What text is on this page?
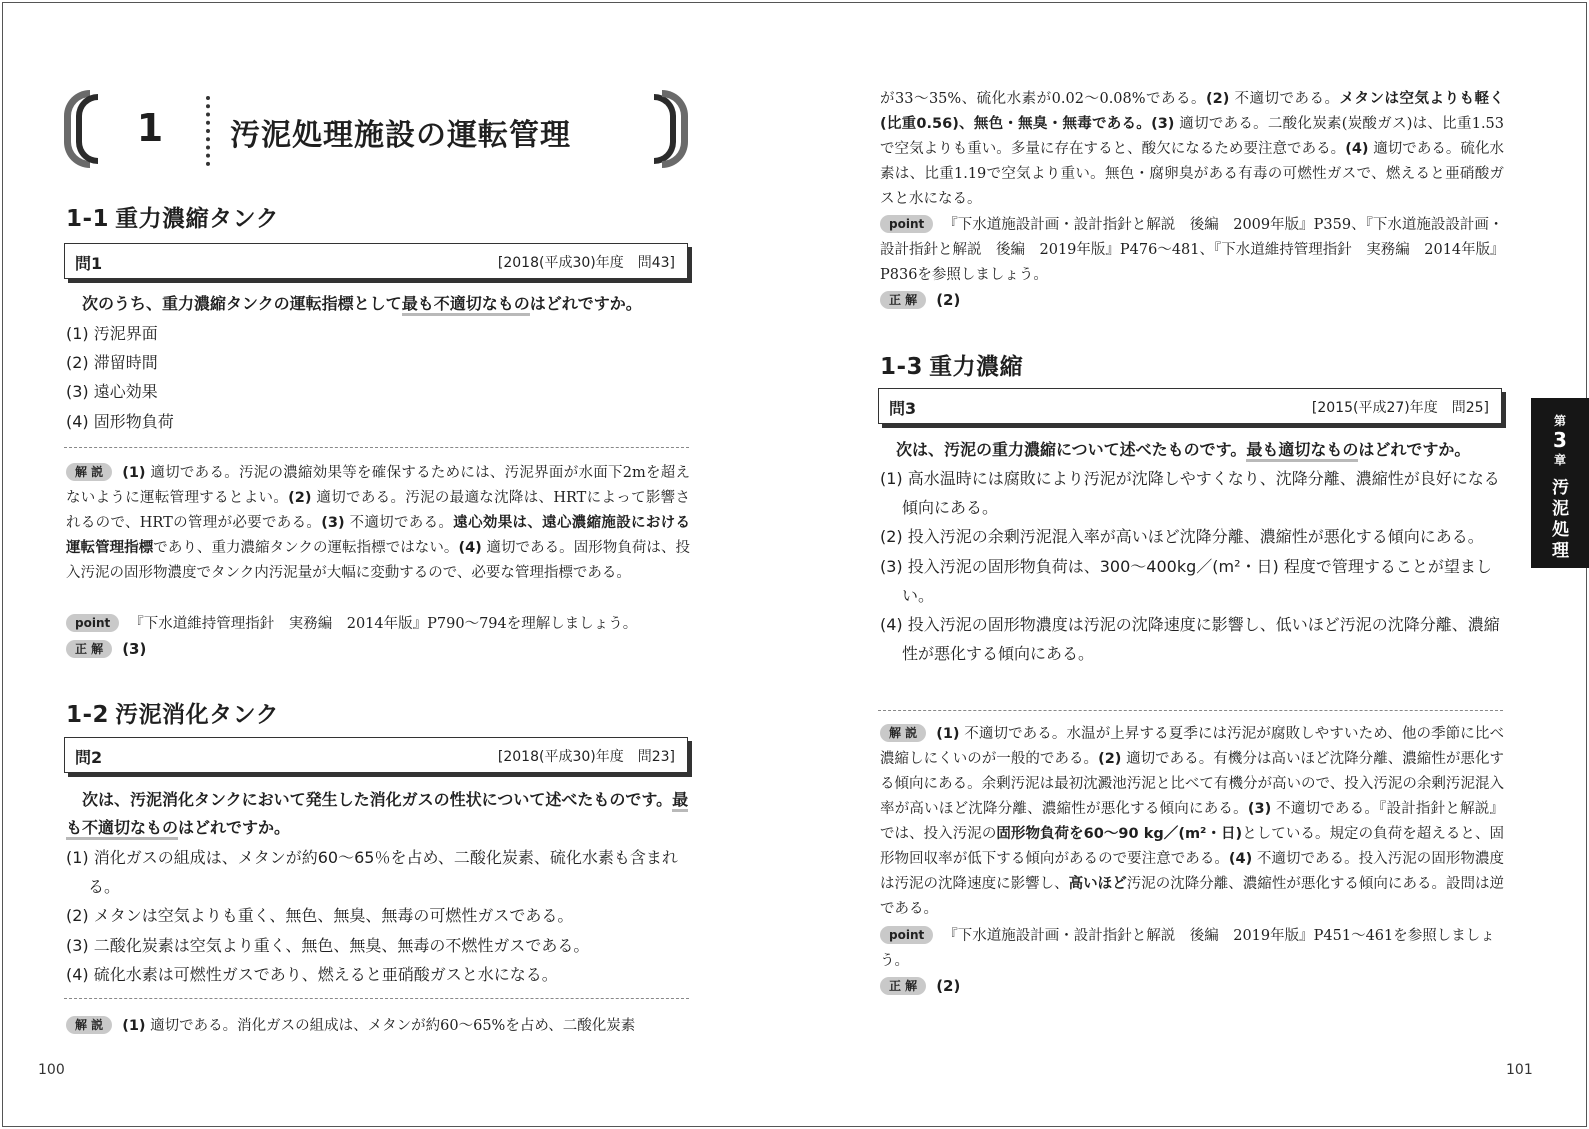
1 汚泥処理施設の運転管理
1-1 重力濃縮タンク
問1	[2018(平成30)年度　問43]
次のうち、重力濃縮タンクの運転指標として最も不適切なものはどれですか。
(1) 汚泥界面
(2) 滞留時間
(3) 遠心効果
(4) 固形物負荷
解 説 (1) 適切である。汚泥の濃縮効果等を確保するためには、汚泥界面が水面下2mを超えないように運転管理するとよい。(2) 適切である。汚泥の最適な沈降は、HRTによって影響されるので、HRTの管理が必要である。(3) 不適切である。遠心効果は、遠心濃縮施設における運転管理指標であり、重力濃縮タンクの運転指標ではない。(4) 適切である。固形物負荷は、投入汚泥の固形物濃度でタンク内汚泥量が大幅に変動するので、必要な管理指標である。
point 『下水道維持管理指針　実務編　2014年版』P790～794を理解しましょう。
正 解 (3)
1-2 汚泥消化タンク
問2	[2018(平成30)年度　問23]
次は、汚泥消化タンクにおいて発生した消化ガスの性状について述べたものです。最も不適切なものはどれですか。
(1) 消化ガスの組成は、メタンが約60～65％を占め、二酸化炭素、硫化水素も含まれる。
(2) メタンは空気よりも重く、無色、無臭、無毒の可燃性ガスである。
(3) 二酸化炭素は空気より重く、無色、無臭、無毒の不燃性ガスである。
(4) 硫化水素は可燃性ガスであり、燃えると亜硝酸ガスと水になる。
解 説 (1) 適切である。消化ガスの組成は、メタンが約60～65%を占め、二酸化炭素
100
が33～35%、硫化水素が0.02～0.08%である。(2) 不適切である。メタンは空気よりも軽く(比重0.56)、無色・無臭・無毒である。(3) 適切である。二酸化炭素(炭酸ガス)は、比重1.53で空気よりも重い。多量に存在すると、酸欠になるため要注意である。(4) 適切である。硫化水素は、比重1.19で空気より重い。無色・腐卵臭がある有毒の可燃性ガスで、燃えると亜硝酸ガスと水になる。
point 『下水道施設計画・設計指針と解説　後編　2009年版』P359、『下水道施設設計画・設計指針と解説　後編　2019年版』P476～481、『下水道維持管理指針　実務編　2014年版』P836を参照しましょう。
正 解 (2)
1-3 重力濃縮
問3	[2015(平成27)年度　問25]
次は、汚泥の重力濃縮について述べたものです。最も適切なものはどれですか。
(1) 高水温時には腐敗により汚泥が沈降しやすくなり、沈降分離、濃縮性が良好になる傾向にある。
(2) 投入汚泥の余剰汚泥混入率が高いほど沈降分離、濃縮性が悪化する傾向にある。
(3) 投入汚泥の固形物負荷は、300～400kg／(m²・日) 程度で管理することが望ましい。
(4) 投入汚泥の固形物濃度は汚泥の沈降速度に影響し、低いほど汚泥の沈降分離、濃縮性が悪化する傾向にある。
解 説 (1) 不適切である。水温が上昇する夏季には汚泥が腐敗しやすいため、他の季節に比べ濃縮しにくいのが一般的である。(2) 適切である。有機分は高いほど沈降分離、濃縮性が悪化する傾向にある。余剰汚泥は最初沈澱池汚泥と比べて有機分が高いので、投入汚泥の余剰汚泥混入率が高いほど沈降分離、濃縮性が悪化する傾向にある。(3) 不適切である。『設計指針と解説』では、投入汚泥の固形物負荷を60～90 kg／(m²・日)としている。規定の負荷を超えると、固形物回収率が低下する傾向があるので要注意である。(4) 不適切である。投入汚泥の固形物濃度は汚泥の沈降速度に影響し、高いほど汚泥の沈降分離、濃縮性が悪化する傾向にある。設問は逆である。
point 『下水道施設計画・設計指針と解説　後編　2019年版』P451～461を参照しましょう。
正 解 (2)
101
第
3
章
汚泥処理
